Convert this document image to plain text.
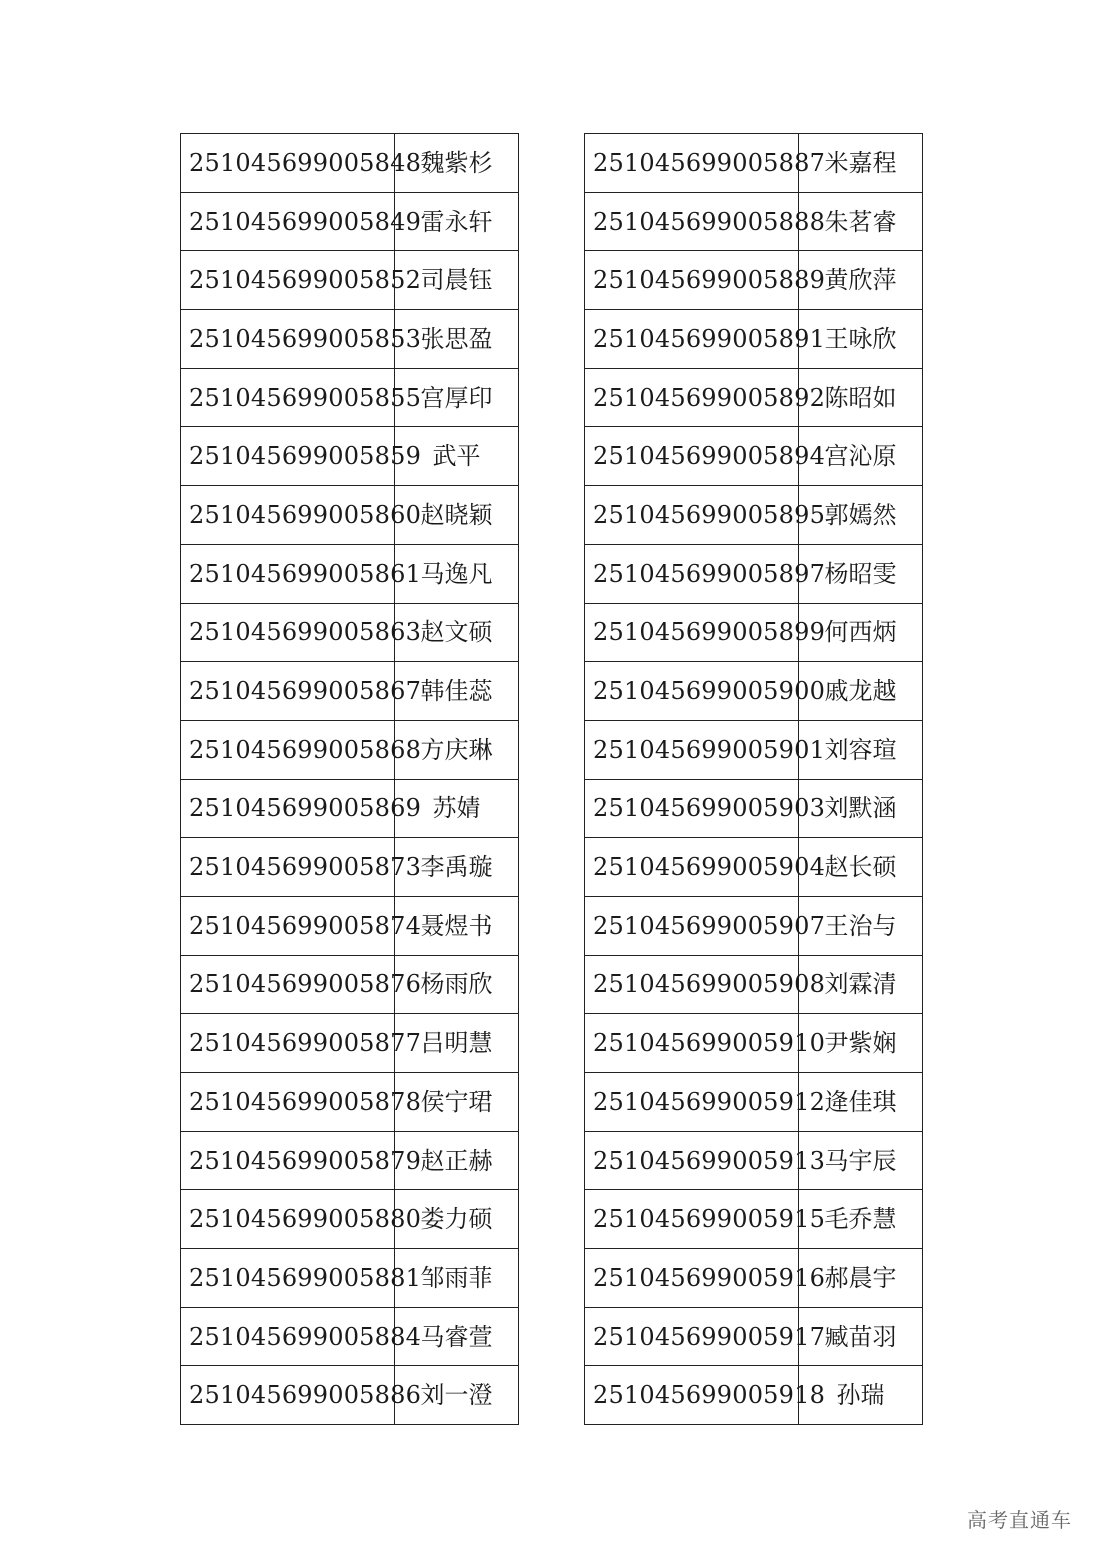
251045699005848	魏紫杉
251045699005849	雷永轩
251045699005852	司晨钰
251045699005853	张思盈
251045699005855	宫厚印
251045699005859	武平
251045699005860	赵晓颖
251045699005861	马逸凡
251045699005863	赵文硕
251045699005867	韩佳蕊
251045699005868	方庆琳
251045699005869	苏婧
251045699005873	李禹璇
251045699005874	聂煜书
251045699005876	杨雨欣
251045699005877	吕明慧
251045699005878	侯宁珺
251045699005879	赵正赫
251045699005880	娄力硕
251045699005881	邹雨菲
251045699005884	马睿萱
251045699005886	刘一澄
251045699005887	米嘉程
251045699005888	朱茗睿
251045699005889	黄欣萍
251045699005891	王咏欣
251045699005892	陈昭如
251045699005894	宫沁原
251045699005895	郭嫣然
251045699005897	杨昭雯
251045699005899	何西炳
251045699005900	戚龙越
251045699005901	刘容瑄
251045699005903	刘默涵
251045699005904	赵长硕
251045699005907	王治与
251045699005908	刘霖清
251045699005910	尹紫娴
251045699005912	逄佳琪
251045699005913	马宇辰
251045699005915	毛乔慧
251045699005916	郝晨宇
251045699005917	臧苗羽
251045699005918	孙瑞
高考直通车
